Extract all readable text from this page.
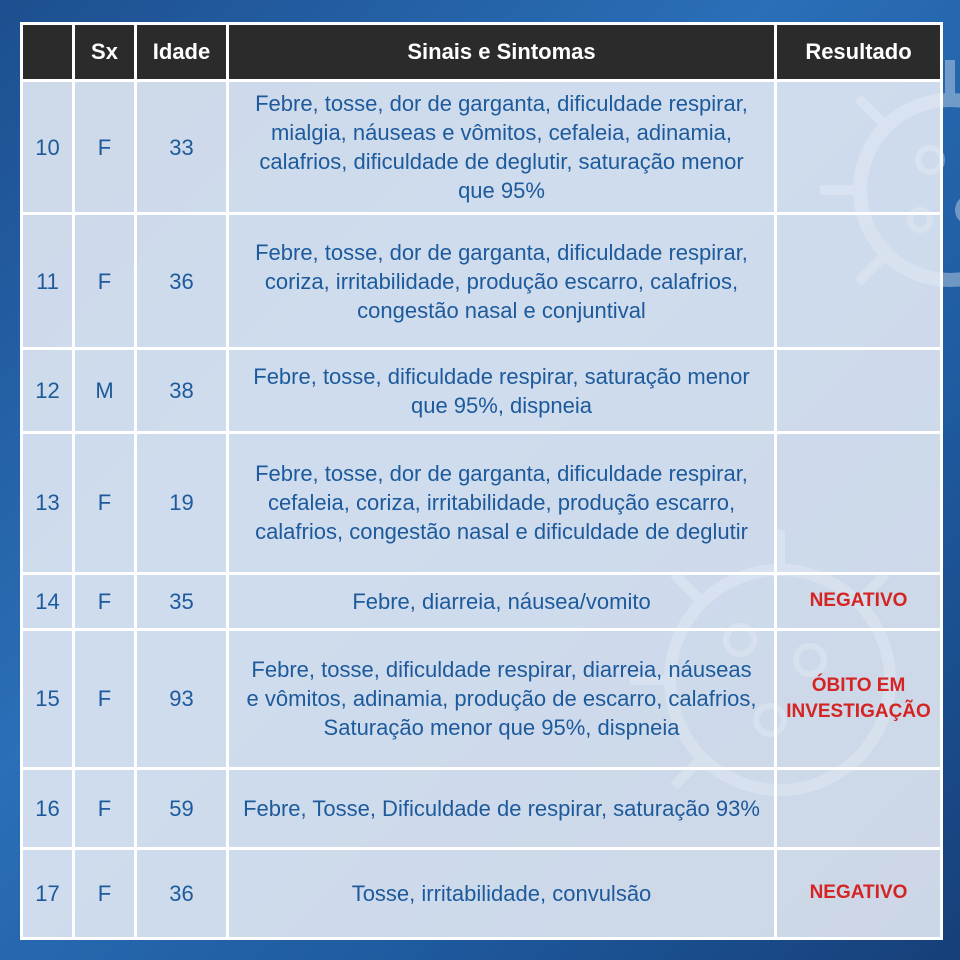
	Sx	Idade	Sinais e Sintomas	Resultado
10	F	33	Febre, tosse, dor de garganta, dificuldade respirar, mialgia, náuseas e vômitos, cefaleia, adinamia, calafrios, dificuldade de deglutir, saturação menor que 95%	
11	F	36	Febre, tosse, dor de garganta, dificuldade respirar, coriza, irritabilidade, produção escarro, calafrios, congestão nasal e conjuntival	
12	M	38	Febre, tosse, dificuldade respirar, saturação menor que 95%, dispneia	
13	F	19	Febre, tosse, dor de garganta, dificuldade respirar, cefaleia, coriza, irritabilidade, produção escarro, calafrios, congestão nasal e dificuldade de deglutir	
14	F	35	Febre, diarreia, náusea/vomito	NEGATIVO
15	F	93	Febre, tosse, dificuldade respirar, diarreia, náuseas e vômitos, adinamia, produção de escarro, calafrios, Saturação menor que 95%, dispneia	ÓBITO EM INVESTIGAÇÃO
16	F	59	Febre, Tosse, Dificuldade de respirar, saturação 93%	
17	F	36	Tosse, irritabilidade, convulsão	NEGATIVO
